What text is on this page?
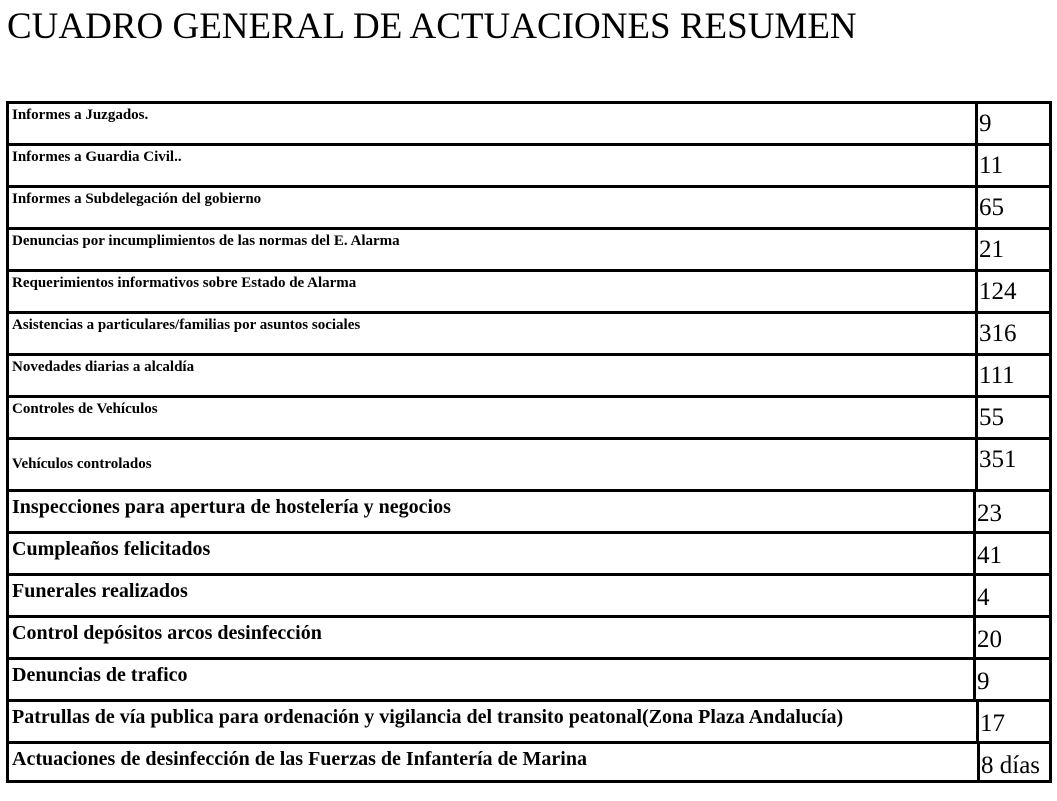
CUADRO GENERAL DE ACTUACIONES RESUMEN
Informes a Juzgados.	9
Informes a Guardia Civil..	11
Informes a Subdelegación del gobierno	65
Denuncias por incumplimientos de las normas del E. Alarma	21
Requerimientos informativos sobre Estado de Alarma	124
Asistencias a particulares/familias por asuntos sociales	316
Novedades diarias a alcaldía	111
Controles de Vehículos	55
Vehículos controlados	351
Inspecciones para apertura de hostelería y negocios	23
Cumpleaños felicitados	41
Funerales realizados	4
Control depósitos arcos desinfección	20
Denuncias de trafico	9
Patrullas de vía publica para ordenación y vigilancia del transito peatonal(Zona Plaza Andalucía)	17
Actuaciones de desinfección de las Fuerzas de Infantería de Marina	8 días
